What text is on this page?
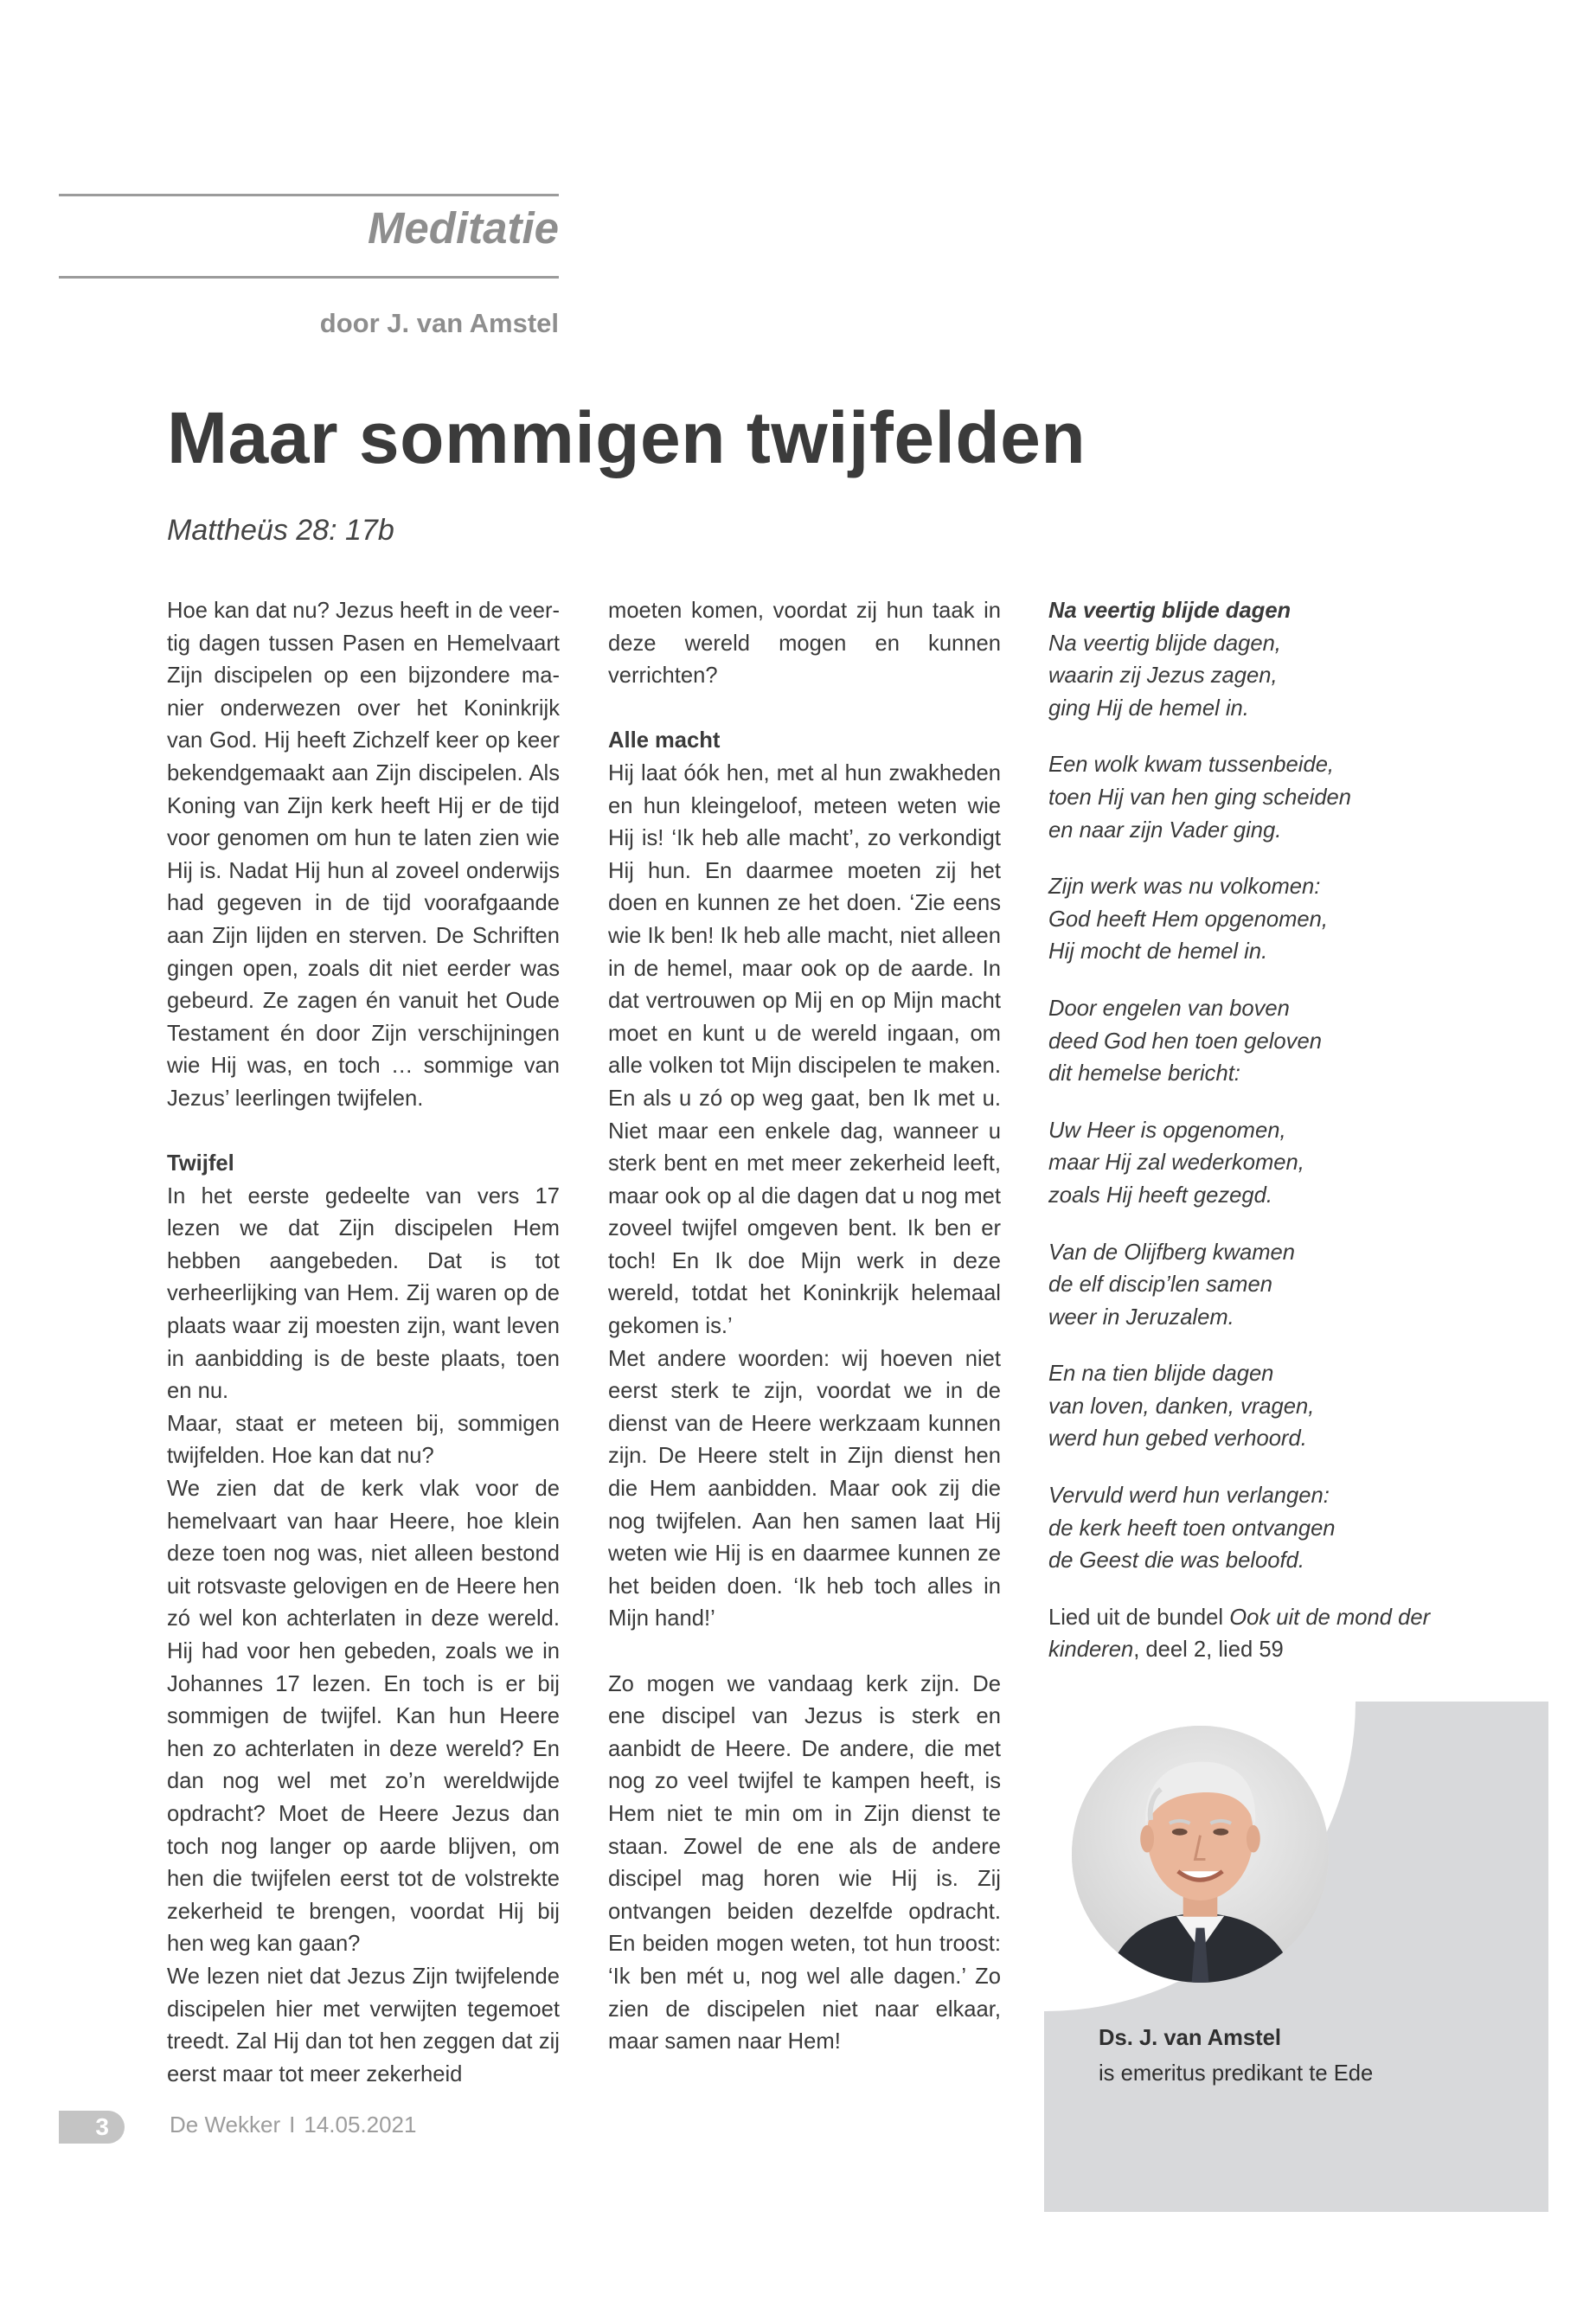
Meditatie
door J. van Amstel
Maar sommigen twijfelden
Mattheüs 28: 17b

Hoe kan dat nu? Jezus heeft in de veer-tig dagen tussen Pasen en Hemelvaart Zijn discipelen op een bijzondere ma-nier onderwezen over het Koninkrijk van God. Hij heeft Zichzelf keer op keer bekendgemaakt aan Zijn discipelen. Als Koning van Zijn kerk heeft Hij er de tijd voor genomen om hun te laten zien wie Hij is. Nadat Hij hun al zoveel onderwijs had gegeven in de tijd voorafgaande aan Zijn lijden en sterven. De Schriften gingen open, zoals dit niet eerder was gebeurd. Ze zagen én vanuit het Oude Testament én door Zijn verschijningen wie Hij was, en toch … sommige van Jezus’ leerlingen twijfelen.

Twijfel

In het eerste gedeelte van vers 17 lezen we dat Zijn discipelen Hem hebben aangebeden. Dat is tot verheerlijking van Hem. Zij waren op de plaats waar zij moesten zijn, want leven in aanbidding is de beste plaats, toen en nu.

Maar, staat er meteen bij, sommigen twijfelden. Hoe kan dat nu?

We zien dat de kerk vlak voor de hemelvaart van haar Heere, hoe klein deze toen nog was, niet alleen bestond uit rotsvaste gelovigen en de Heere hen zó wel kon achterlaten in deze wereld. Hij had voor hen gebeden, zoals we in Johannes 17 lezen. En toch is er bij sommigen de twijfel. Kan hun Heere hen zo achterlaten in deze wereld? En dan nog wel met zo’n wereldwijde opdracht? Moet de Heere Jezus dan toch nog langer op aarde blijven, om hen die twijfelen eerst tot de volstrekte zekerheid te brengen, voordat Hij bij hen weg kan gaan?

We lezen niet dat Jezus Zijn twijfelende discipelen hier met verwijten tegemoet treedt. Zal Hij dan tot hen zeggen dat zij eerst maar tot meer zekerheid

moeten komen, voordat zij hun taak in deze wereld mogen en kunnen verrichten?

Alle macht

Hij laat óók hen, met al hun zwakheden en hun kleingeloof, meteen weten wie Hij is! ‘Ik heb alle macht’, zo verkondigt Hij hun. En daarmee moeten zij het doen en kunnen ze het doen. ‘Zie eens wie Ik ben! Ik heb alle macht, niet alleen in de hemel, maar ook op de aarde. In dat vertrouwen op Mij en op Mijn macht moet en kunt u de wereld ingaan, om alle volken tot Mijn discipelen te maken. En als u zó op weg gaat, ben Ik met u. Niet maar een enkele dag, wanneer u sterk bent en met meer zekerheid leeft, maar ook op al die dagen dat u nog met zoveel twijfel omgeven bent. Ik ben er toch! En Ik doe Mijn werk in deze wereld, totdat het Koninkrijk helemaal gekomen is.’

Met andere woorden: wij hoeven niet eerst sterk te zijn, voordat we in de dienst van de Heere werkzaam kunnen zijn. De Heere stelt in Zijn dienst hen die Hem aanbidden. Maar ook zij die nog twijfelen. Aan hen samen laat Hij weten wie Hij is en daarmee kunnen ze het beiden doen. ‘Ik heb toch alles in Mijn hand!’

Zo mogen we vandaag kerk zijn. De ene discipel van Jezus is sterk en aanbidt de Heere. De andere, die met nog zo veel twijfel te kampen heeft, is Hem niet te min om in Zijn dienst te staan. Zowel de ene als de andere discipel mag horen wie Hij is. Zij ontvangen beiden dezelfde opdracht. En beiden mogen weten, tot hun troost: ‘Ik ben mét u, nog wel alle dagen.’ Zo zien de discipelen niet naar elkaar, maar samen naar Hem!

Na veertig blijde dagen

Na veertig blijde dagen,
waarin zij Jezus zagen,
ging Hij de hemel in.
Een wolk kwam tussenbeide,
toen Hij van hen ging scheiden
en naar zijn Vader ging.
Zijn werk was nu volkomen:
God heeft Hem opgenomen,
Hij mocht de hemel in.
Door engelen van boven
deed God hen toen geloven
dit hemelse bericht:
Uw Heer is opgenomen,
maar Hij zal wederkomen,
zoals Hij heeft gezegd.
Van de Olijfberg kwamen
de elf discip’len samen
weer in Jeruzalem.
En na tien blijde dagen
van loven, danken, vragen,
werd hun gebed verhoord.
Vervuld werd hun verlangen:
de kerk heeft toen ontvangen
de Geest die was beloofd.

Lied uit de bundel Ook uit de mond der kinderen, deel 2, lied 59

Ds. J. van Amstel
is emeritus predikant te Ede
3	De Wekker I 14.05.2021
